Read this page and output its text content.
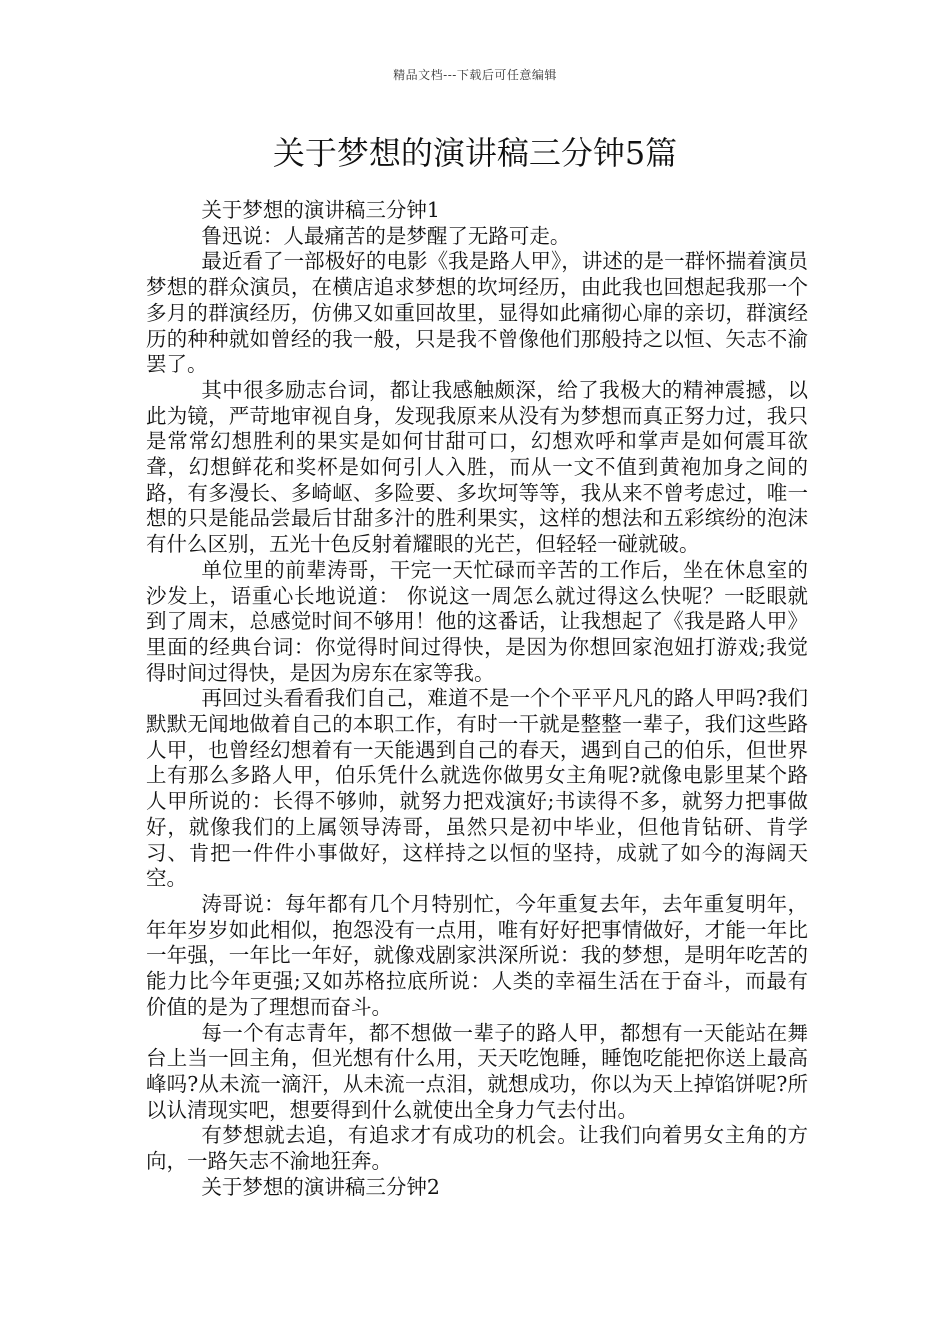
精品文档---下载后可任意编辑
关于梦想的演讲稿三分钟5篇

关于梦想的演讲稿三分钟1

鲁迅说：人最痛苦的是梦醒了无路可走。

最近看了一部极好的电影《我是路人甲》，讲述的是一群怀揣着演员梦想的群众演员，在横店追求梦想的坎坷经历，由此我也回想起我那一个多月的群演经历，仿佛又如重回故里，显得如此痛彻心扉的亲切，群演经历的种种就如曾经的我一般，只是我不曾像他们那般持之以恒、矢志不渝罢了。

其中很多励志台词，都让我感触颇深，给了我极大的精神震撼，以此为镜，严苛地审视自身，发现我原来从没有为梦想而真正努力过，我只是常常幻想胜利的果实是如何甘甜可口，幻想欢呼和掌声是如何震耳欲聋，幻想鲜花和奖杯是如何引人入胜，而从一文不值到黄袍加身之间的路，有多漫长、多崎岖、多险要、多坎坷等等，我从来不曾考虑过，唯一想的只是能品尝最后甘甜多汁的胜利果实，这样的想法和五彩缤纷的泡沫有什么区别，五光十色反射着耀眼的光芒，但轻轻一碰就破。

单位里的前辈涛哥，干完一天忙碌而辛苦的工作后，坐在休息室的沙发上，语重心长地说道： 你说这一周怎么就过得这么快呢？一眨眼就到了周末，总感觉时间不够用！他的这番话，让我想起了《我是路人甲》里面的经典台词：你觉得时间过得快，是因为你想回家泡妞打游戏;我觉得时间过得快，是因为房东在家等我。

再回过头看看我们自己，难道不是一个个平平凡凡的路人甲吗?我们默默无闻地做着自己的本职工作，有时一干就是整整一辈子，我们这些路人甲，也曾经幻想着有一天能遇到自己的春天，遇到自己的伯乐，但世界上有那么多路人甲，伯乐凭什么就选你做男女主角呢?就像电影里某个路人甲所说的：长得不够帅，就努力把戏演好;书读得不多，就努力把事做好，就像我们的上属领导涛哥，虽然只是初中毕业，但他肯钻研、肯学习、肯把一件件小事做好，这样持之以恒的坚持，成就了如今的海阔天空。

涛哥说：每年都有几个月特别忙，今年重复去年，去年重复明年，年年岁岁如此相似，抱怨没有一点用，唯有好好把事情做好，才能一年比一年强，一年比一年好，就像戏剧家洪深所说：我的梦想，是明年吃苦的能力比今年更强;又如苏格拉底所说：人类的幸福生活在于奋斗，而最有价值的是为了理想而奋斗。

每一个有志青年，都不想做一辈子的路人甲，都想有一天能站在舞台上当一回主角，但光想有什么用，天天吃饱睡，睡饱吃能把你送上最高峰吗?从未流一滴汗，从未流一点泪，就想成功，你以为天上掉馅饼呢?所以认清现实吧，想要得到什么就使出全身力气去付出。

有梦想就去追，有追求才有成功的机会。让我们向着男女主角的方向，一路矢志不渝地狂奔。

关于梦想的演讲稿三分钟2
